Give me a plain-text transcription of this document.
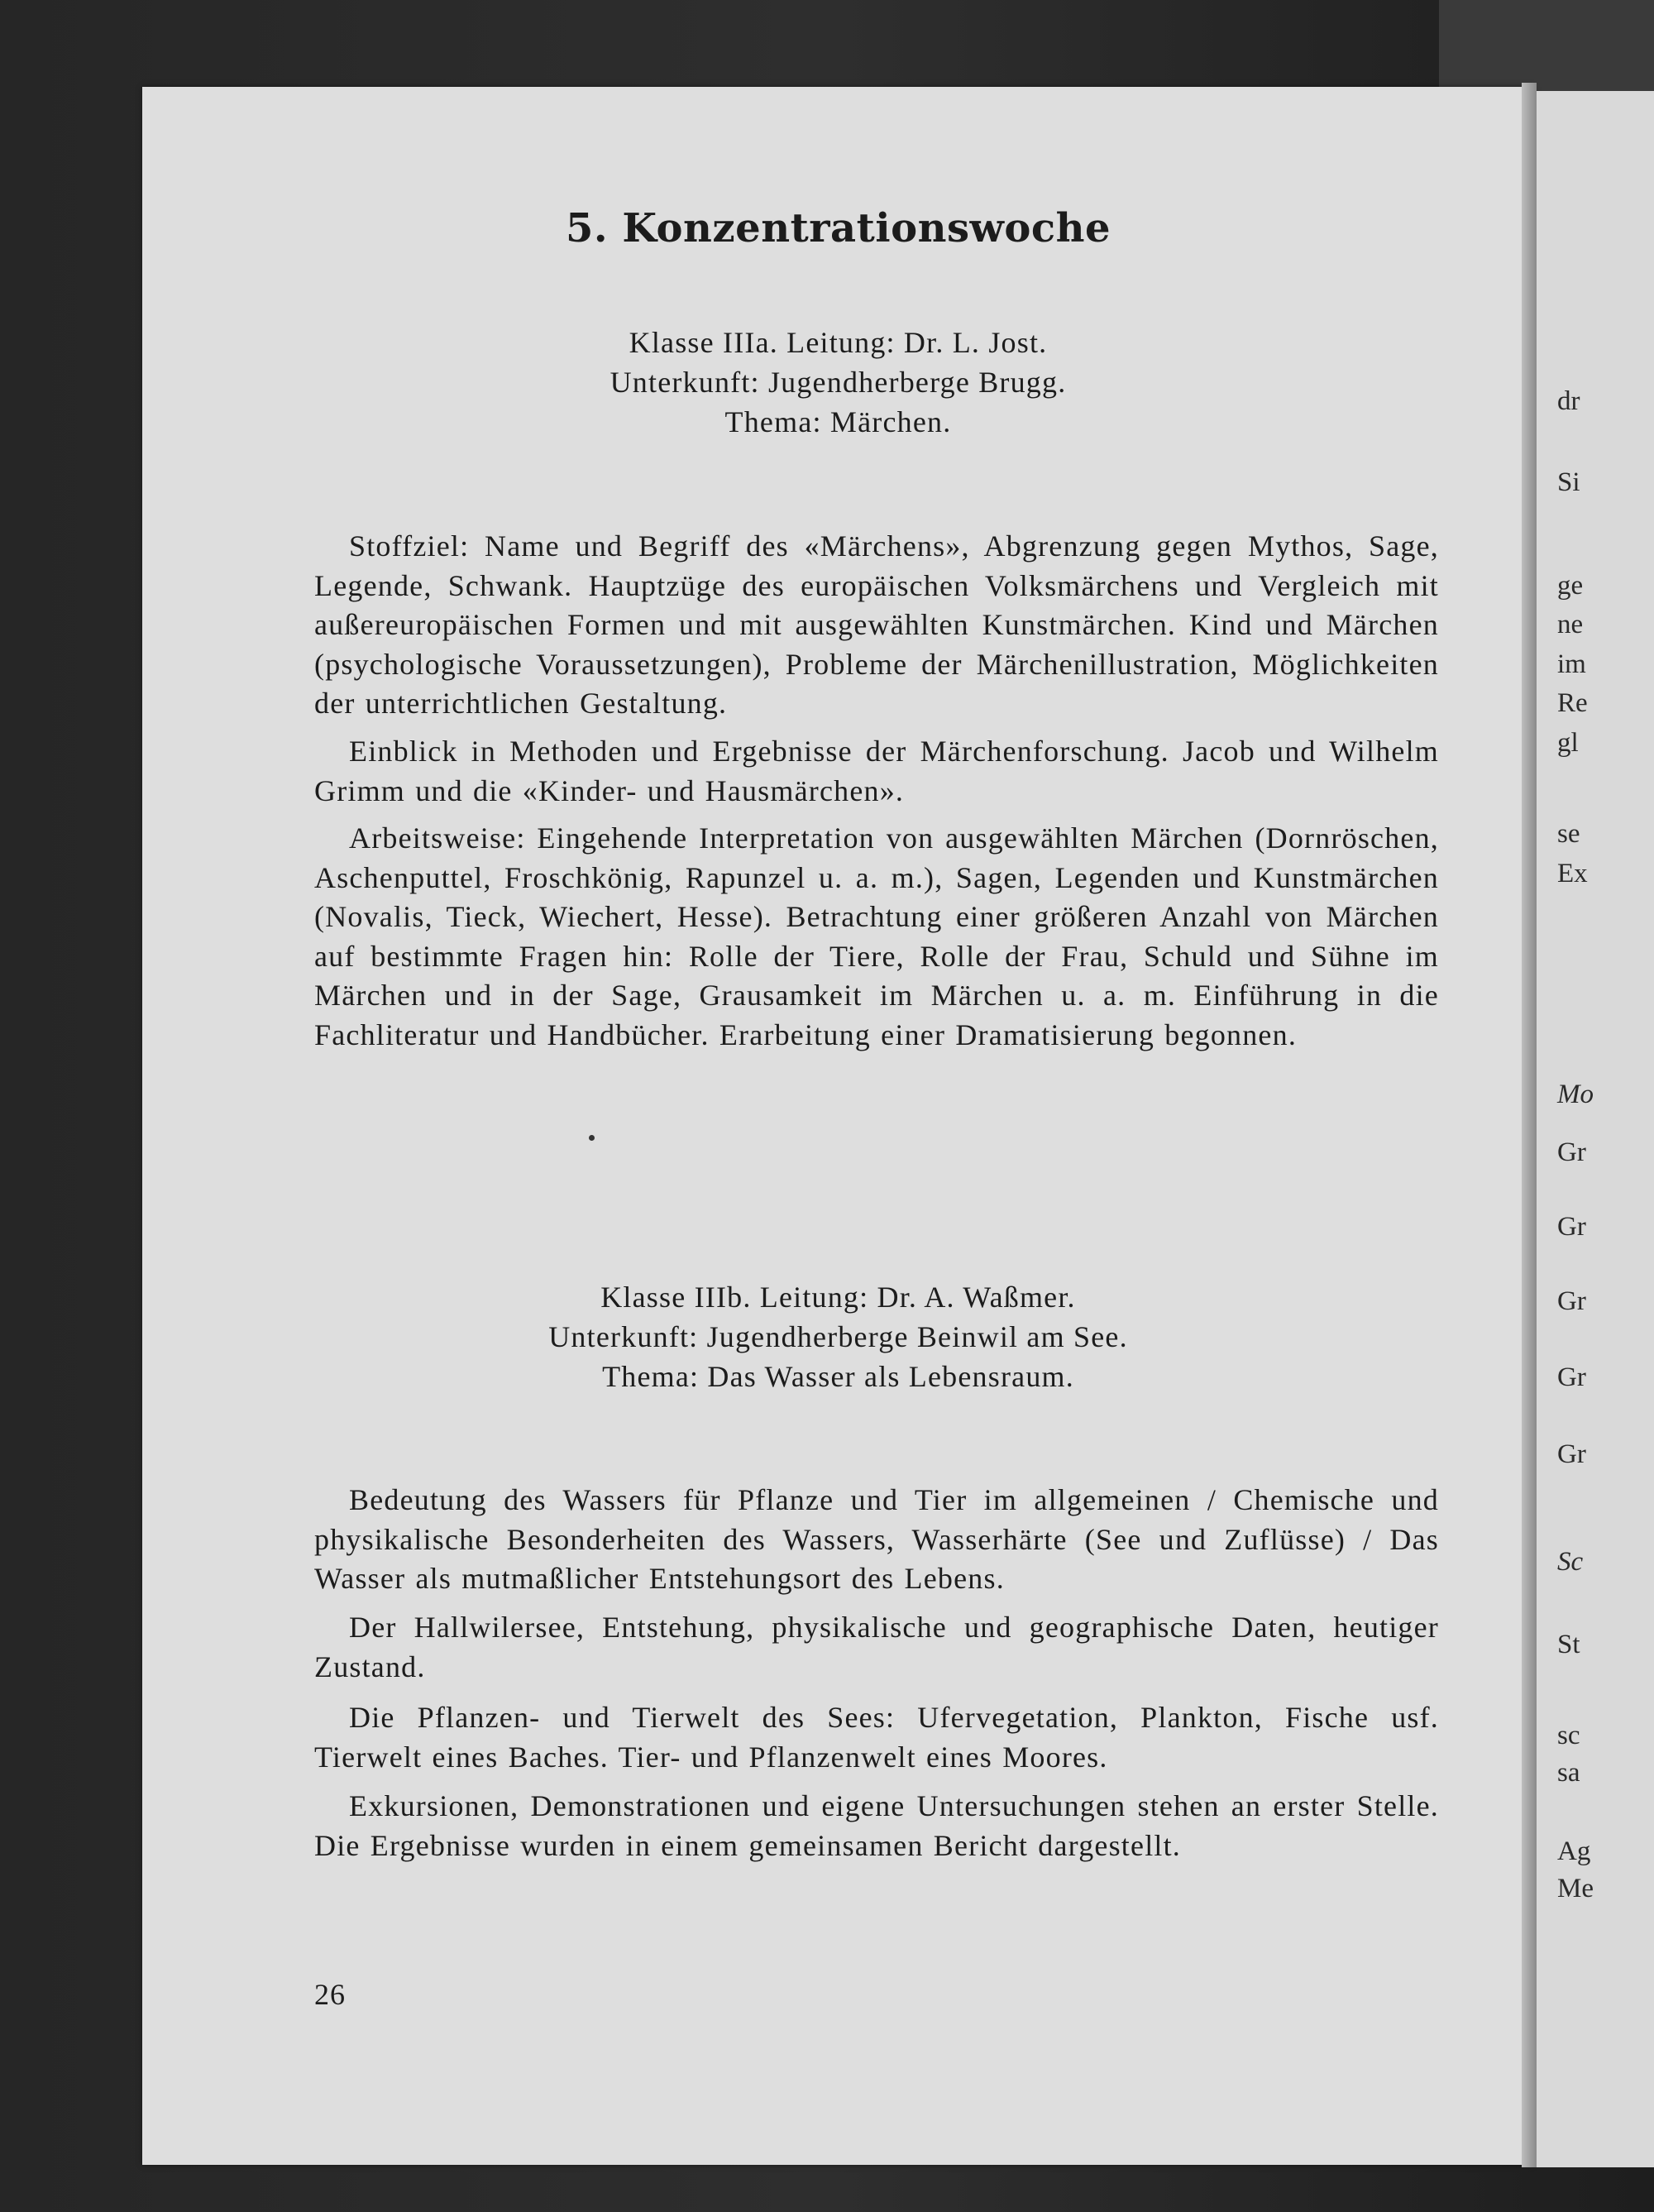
dr
Si
ge
ne
im
Re
gl
se
Ex
Mo
Gr
Gr
Gr
Gr
Gr
Sc
St
sc
sa
Ag
Me
5. Konzentrationswoche
Klasse IIIa. Leitung: Dr. L. Jost.
Unterkunft: Jugendherberge Brugg.
Thema: Märchen.

Stoffziel: Name und Begriff des «Märchens», Abgrenzung gegen Mythos, Sage, Legende, Schwank. Hauptzüge des europäischen Volksmärchens und Vergleich mit außereuropäischen Formen und mit ausgewählten Kunstmärchen. Kind und Märchen (psychologische Voraussetzungen), Probleme der Märchenillustration, Möglichkeiten der unterrichtlichen Gestaltung.

Einblick in Methoden und Ergebnisse der Märchenforschung. Jacob und Wilhelm Grimm und die «Kinder- und Hausmärchen».

Arbeitsweise: Eingehende Interpretation von ausgewählten Märchen (Dornröschen, Aschenputtel, Froschkönig, Rapunzel u. a. m.), Sagen, Legenden und Kunstmärchen (Novalis, Tieck, Wiechert, Hesse). Betrachtung einer größeren Anzahl von Märchen auf bestimmte Fragen hin: Rolle der Tiere, Rolle der Frau, Schuld und Sühne im Märchen und in der Sage, Grausamkeit im Märchen u. a. m. Einführung in die Fachliteratur und Handbücher. Erarbeitung einer Dramatisierung begonnen.

Klasse IIIb. Leitung: Dr. A. Waßmer.
Unterkunft: Jugendherberge Beinwil am See.
Thema: Das Wasser als Lebensraum.

Bedeutung des Wassers für Pflanze und Tier im allgemeinen / Chemische und physikalische Besonderheiten des Wassers, Wasserhärte (See und Zuflüsse) / Das Wasser als mutmaßlicher Entstehungsort des Lebens.

Der Hallwilersee, Entstehung, physikalische und geographische Daten, heutiger Zustand.

Die Pflanzen- und Tierwelt des Sees: Ufervegetation, Plankton, Fische usf. Tierwelt eines Baches. Tier- und Pflanzenwelt eines Moores.

Exkursionen, Demonstrationen und eigene Untersuchungen stehen an erster Stelle. Die Ergebnisse wurden in einem gemeinsamen Bericht dargestellt.

26
